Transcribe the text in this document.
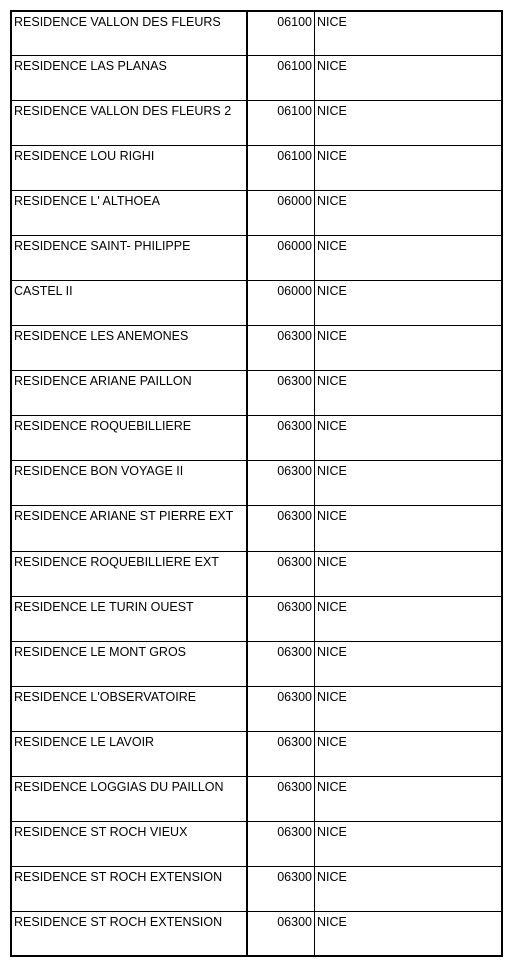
RESIDENCE VALLON DES FLEURS	06100	NICE
RESIDENCE LAS PLANAS	06100	NICE
RESIDENCE VALLON DES FLEURS 2	06100	NICE
RESIDENCE LOU RIGHI	06100	NICE
RESIDENCE L' ALTHOEA	06000	NICE
RESIDENCE SAINT- PHILIPPE	06000	NICE
CASTEL II	06000	NICE
RESIDENCE LES ANEMONES	06300	NICE
RESIDENCE ARIANE PAILLON	06300	NICE
RESIDENCE ROQUEBILLIERE	06300	NICE
RESIDENCE BON VOYAGE II	06300	NICE
RESIDENCE ARIANE ST PIERRE EXT	06300	NICE
RESIDENCE ROQUEBILLIERE EXT	06300	NICE
RESIDENCE LE TURIN OUEST	06300	NICE
RESIDENCE LE MONT GROS	06300	NICE
RESIDENCE L'OBSERVATOIRE	06300	NICE
RESIDENCE LE LAVOIR	06300	NICE
RESIDENCE LOGGIAS DU PAILLON	06300	NICE
RESIDENCE ST ROCH VIEUX	06300	NICE
RESIDENCE ST ROCH EXTENSION	06300	NICE
RESIDENCE ST ROCH EXTENSION	06300	NICE
